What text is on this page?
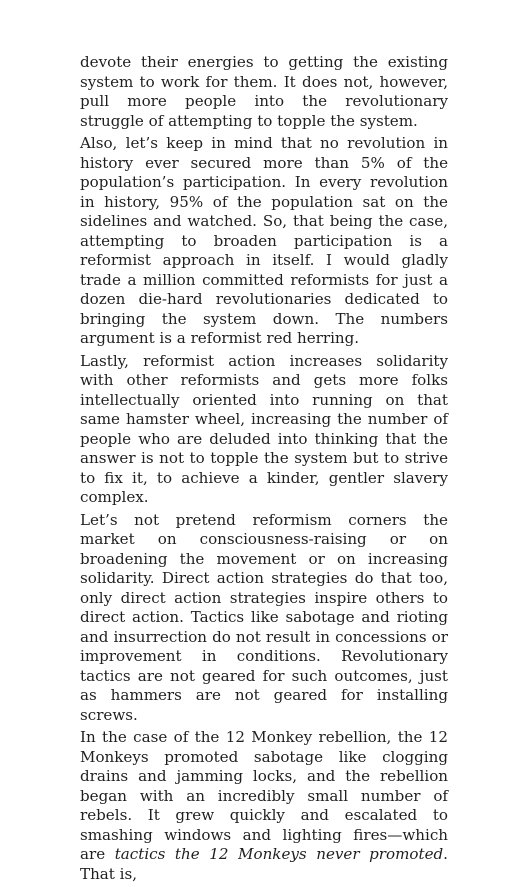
devote their energies to getting the existing system to work for them. It does not, however, pull more people into the revolutionary struggle of attempting to topple the system.

Also, let’s keep in mind that no revolution in history ever secured more than 5% of the population’s participation. In every revolution in history, 95% of the population sat on the sidelines and watched. So, that being the case, attempting to broaden participation is a reformist approach in itself. I would gladly trade a million committed reformists for just a dozen die-hard revolutionaries dedicated to bringing the system down. The numbers argument is a reformist red herring.

Lastly, reformist action increases solidarity with other reformists and gets more folks intellectually oriented into running on that same hamster wheel, increasing the number of people who are deluded into thinking that the answer is not to topple the system but to strive to fix it, to achieve a kinder, gentler slavery complex.

Let’s not pretend reformism corners the market on consciousness-raising or on broadening the movement or on increasing solidarity. Direct action strategies do that too, only direct action strategies inspire others to direct action. Tactics like sabotage and rioting and insurrection do not result in concessions or improvement in conditions. Revolutionary tactics are not geared for such outcomes, just as hammers are not geared for installing screws.

In the case of the 12 Monkey rebellion, the 12 Monkeys promoted sabotage like clogging drains and jamming locks, and the rebellion began with an incredibly small number of rebels. It grew quickly and escalated to smashing windows and lighting fires—which are tactics the 12 Monkeys never promoted. That is,
